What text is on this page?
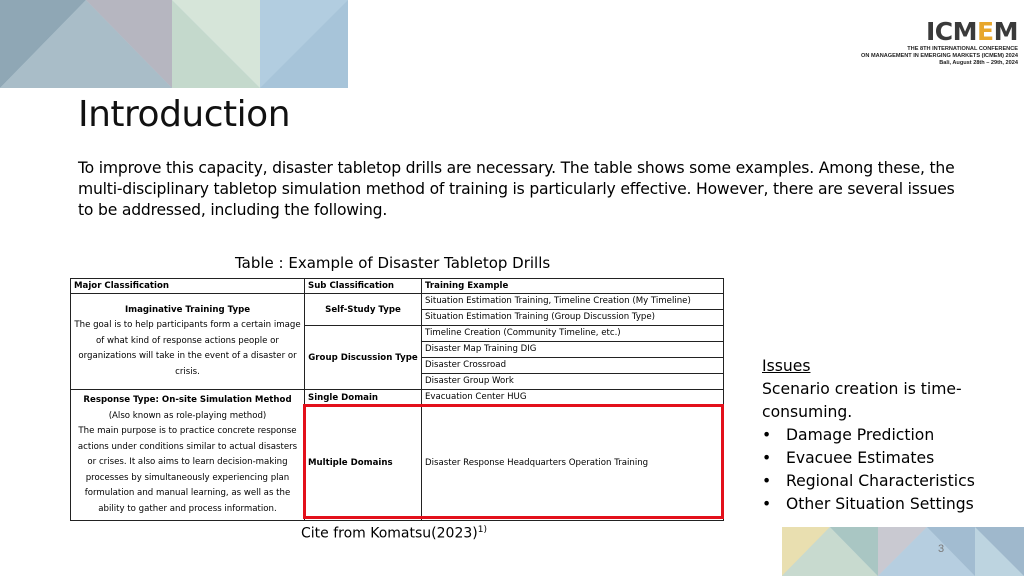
ICMEM
THE 8TH INTERNATIONAL CONFERENCE
ON MANAGEMENT IN EMERGING MARKETS (ICMEM) 2024
Bali, August 28th – 29th, 2024
Introduction

To improve this capacity, disaster tabletop drills are necessary. The table shows some examples. Among these, the multi-disciplinary tabletop simulation method of training is particularly effective. However, there are several issues to be addressed, including the following.

Table : Example of Disaster Tabletop Drills
Major Classification	Sub Classification	Training Example

Imaginative Training Type
The goal is to help participants form a certain image of what kind of response actions people or organizations will take in the event of a disaster or crisis.	Self-Study Type	Situation Estimation Training, Timeline Creation (My Timeline)
		Situation Estimation Training (Group Discussion Type)
	Group Discussion Type	Timeline Creation (Community Timeline, etc.)
		Disaster Map Training DIG
		Disaster Crossroad
		Disaster Group Work

Response Type: On-site Simulation Method
(Also known as role-playing method)
The main purpose is to practice concrete response actions under conditions similar to actual disasters or crises. It also aims to learn decision-making processes by simultaneously experiencing plan formulation and manual learning, as well as the ability to gather and process information.	Single Domain	Evacuation Center HUG
	Multiple Domains	Disaster Response Headquarters Operation Training
Cite from $Komatsu(2023)^{1)}$
Issues
Scenario creation is time-consuming.
• Damage Prediction
• Evacuee Estimates
• Regional Characteristics
• Other Situation Settings
3
